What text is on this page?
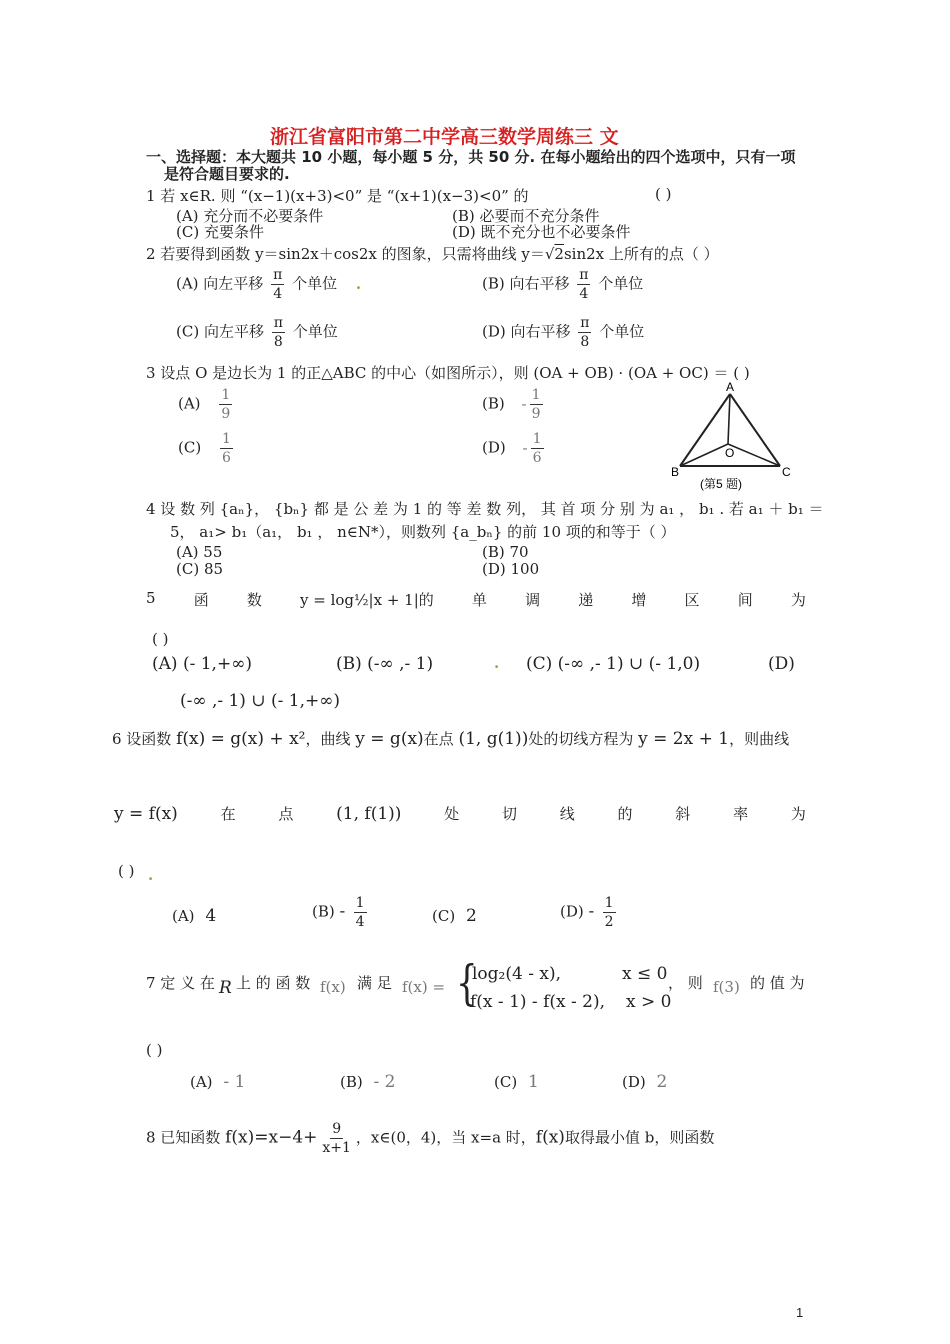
浙江省富阳市第二中学高三数学周练三 文
一、选择题：本大题共 10 小题，每小题 5 分，共 50 分. 在每小题给出的四个选项中，只有一项
是符合题目要求的.
1 若 x∈R. 则 “(x−1)(x+3)<0” 是 “(x+1)(x−3)<0” 的	( )
(A) 充分而不必要条件	(B) 必要而不充分条件
(C) 充要条件	(D) 既不充分也不必要条件
2 若要得到函数 y＝sin2x＋cos2x 的图象，只需将曲线 y＝√2sin2x 上所有的点（ ）
(A) 向左平移 $\frac{\pi}{4}$ 个单位 .	(B) 向右平移 $\frac{\pi}{4}$ 个单位
(C) 向左平移 $\frac{\pi}{8}$ 个单位	(D) 向右平移 $\frac{\pi}{8}$ 个单位
3 设点 O 是边长为 1 的正△ABC 的中心（如图所示），则 (OA + OB) · (OA + OC) ＝ ( )
$(A) \frac{1}{9}$	$(B) - \frac{1}{9}$
$(C) \frac{1}{6}$	$(D) - \frac{1}{6}$
A
B	C
O
(第5 题)
4 设 数 列 {aₙ}， {bₙ} 都 是 公 差 为 1 的 等 差 数 列， 其 首 项 分 别 为 a₁ ， b₁ . 若 a₁ ＋ b₁ ＝
5， a₁> b₁（a₁， b₁ ， n∈N*），则数列 {a_bₙ} 的前 10 项的和等于（ ）
(A) 55	(B) 70
(C) 85	(D) 100
5	函	数	y = log½|x + 1|的	单	调	递	增	区	间	为
( )
(A) (- 1,+∞)	(B) (-∞ ,- 1)	. (C) (-∞ ,- 1) ∪ (- 1,0)	(D)
(-∞ ,- 1) ∪ (- 1,+∞)
6 设函数 f(x) = g(x) + x²，曲线 y = g(x)在点 (1, g(1))处的切线方程为 y = 2x + 1，则曲线
y = f(x)	在	点	(1, f(1))	处	切	线	的	斜	率	为
( ) .
(A) 4	$(B) - \frac{1}{4}$	(C) 2	$(D) - \frac{1}{2}$
7 定 义 在 R 上 的 函 数 f(x) 满 足 f(x) = {
log₂(4 - x),	x ≤ 0
f(x - 1) - f(x - 2), x > 0
， 则 f(3) 的 值 为
( )
(A) - 1	(B) - 2	(C) 1	(D) 2
8 已知函数 $f(x)=x-4+ \frac{9}{x+1}$ ，x∈(0，4)，当 x=a 时，f(x)取得最小值 b，则函数
1
